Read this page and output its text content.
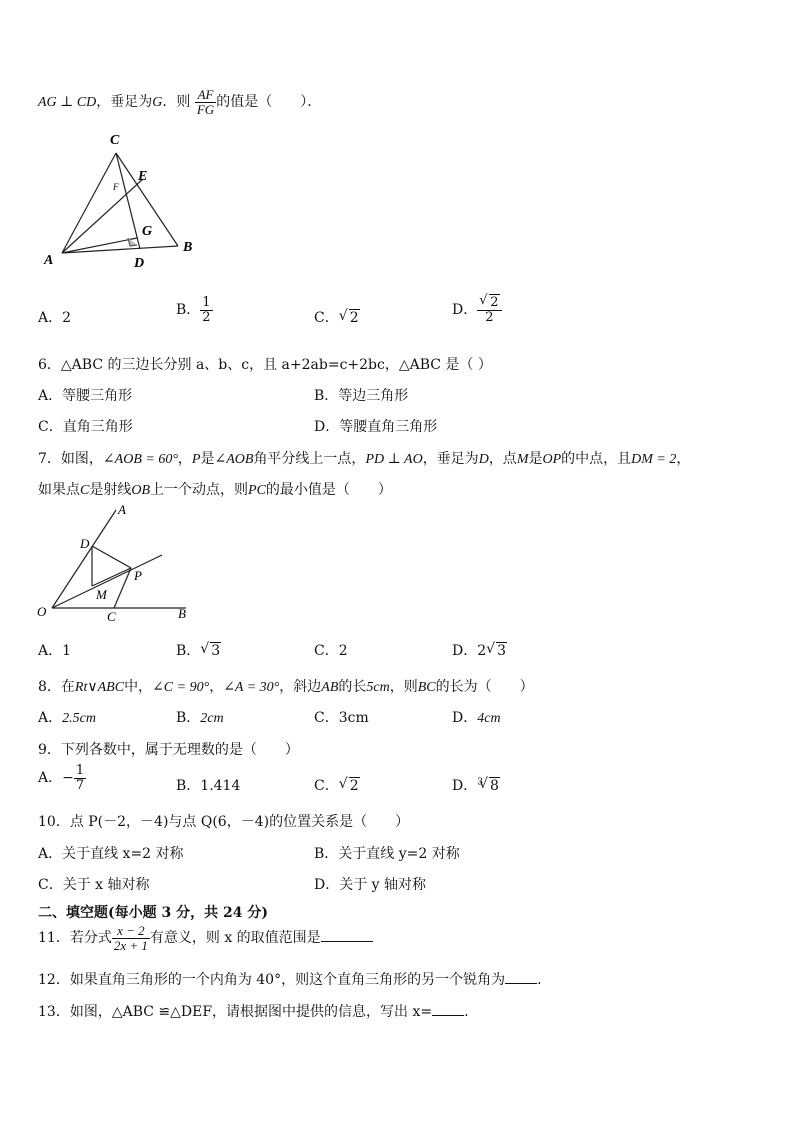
AG ⊥ CD，垂足为G．则 $\frac{AF}{FG}$ 的值是（　　）．
C
E
F
G
A	D
B
A．2	B． $\frac{1}{2}$	C． √ 2	D． √ $\frac{2}{2}$
6．△ABC 的三边长分别 a、b、c，且 a+2ab=c+2bc，△ABC 是（ ）
A．等腰三角形	B．等边三角形
C．直角三角形	D．等腰直角三角形
7．如图，∠AOB = 60°，P是∠AOB角平分线上一点，PD ⊥ AO，垂足为D，点M是OP的中点，且DM = 2，
如果点C是射线OB上一个动点，则PC的最小值是（　　）
A
D
P
M
O	C	B
A．1	B． √ 3	C．2	D．2 √ 3
8．在Rt∨ABC中，∠C = 90°，∠A = 30°，斜边AB的长5cm，则BC的长为（　　）
A．2.5cm	B．2cm	C．3cm	D．4cm
9．下列各数中，属于无理数的是（　　）
A．− $\frac{1}{7}$	B．1.414	C． √ 2	D．$^3$ √ 8
10．点 P(－2，－4)与点 Q(6，－4)的位置关系是（　　）
A．关于直线 x=2 对称	B．关于直线 y=2 对称
C．关于 x 轴对称	D．关于 y 轴对称
二、填空题(每小题 3 分，共 24 分)
11．若分式 $\frac{x - 2}{2x + 1}$ 有意义，则 x 的取值范围是
12．如果直角三角形的一个内角为 40°，则这个直角三角形的另一个锐角为 .
13．如图，△ABC ≌△DEF，请根据图中提供的信息，写出 x= .
